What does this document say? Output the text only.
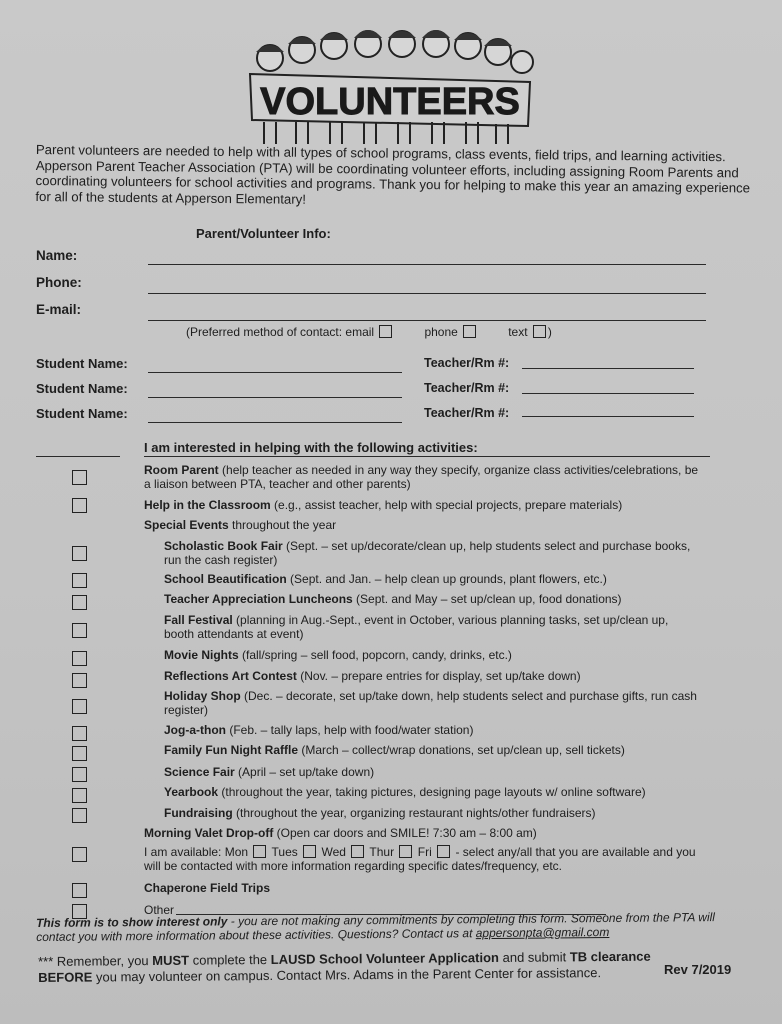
VOLUNTEERS
Parent volunteers are needed to help with all types of school programs, class events, field trips, and learning activities. Apperson Parent Teacher Association (PTA) will be coordinating volunteer efforts, including assigning Room Parents and coordinating volunteers for school activities and programs. Thank you for helping to make this year an amazing experience for all of the students at Apperson Elementary!
Parent/Volunteer Info:
Name:
Phone:
E-mail:
(Preferred method of contact: email	phone	text )
Student Name:	Teacher/Rm #:
Student Name:	Teacher/Rm #:
Student Name:	Teacher/Rm #:
I am interested in helping with the following activities:
Room Parent (help teacher as needed in any way they specify, organize class activities/celebrations, be a liaison between PTA, teacher and other parents)
Help in the Classroom (e.g., assist teacher, help with special projects, prepare materials)
Special Events throughout the year
Scholastic Book Fair (Sept. – set up/decorate/clean up, help students select and purchase books, run the cash register)
School Beautification (Sept. and Jan. – help clean up grounds, plant flowers, etc.)
Teacher Appreciation Luncheons (Sept. and May – set up/clean up, food donations)
Fall Festival (planning in Aug.-Sept., event in October, various planning tasks, set up/clean up, booth attendants at event)
Movie Nights (fall/spring – sell food, popcorn, candy, drinks, etc.)
Reflections Art Contest (Nov. – prepare entries for display, set up/take down)
Holiday Shop (Dec. – decorate, set up/take down, help students select and purchase gifts, run cash register)
Jog-a-thon (Feb. – tally laps, help with food/water station)
Family Fun Night Raffle (March – collect/wrap donations, set up/clean up, sell tickets)
Science Fair (April – set up/take down)
Yearbook (throughout the year, taking pictures, designing page layouts w/ online software)
Fundraising (throughout the year, organizing restaurant nights/other fundraisers)
Morning Valet Drop-off (Open car doors and SMILE! 7:30 am – 8:00 am)
I am available: Mon Tues Wed Thur Fri  - select any/all that you are available and you
will be contacted with more information regarding specific dates/frequency, etc.
Chaperone Field Trips
Other
This form is to show interest only - you are not making any commitments by completing this form. Someone from the PTA will contact you with more information about these activities. Questions? Contact us at appersonpta@gmail.com
*** Remember, you MUST complete the LAUSD School Volunteer Application and submit TB clearance
BEFORE you may volunteer on campus. Contact Mrs. Adams in the Parent Center for assistance.	Rev 7/2019
